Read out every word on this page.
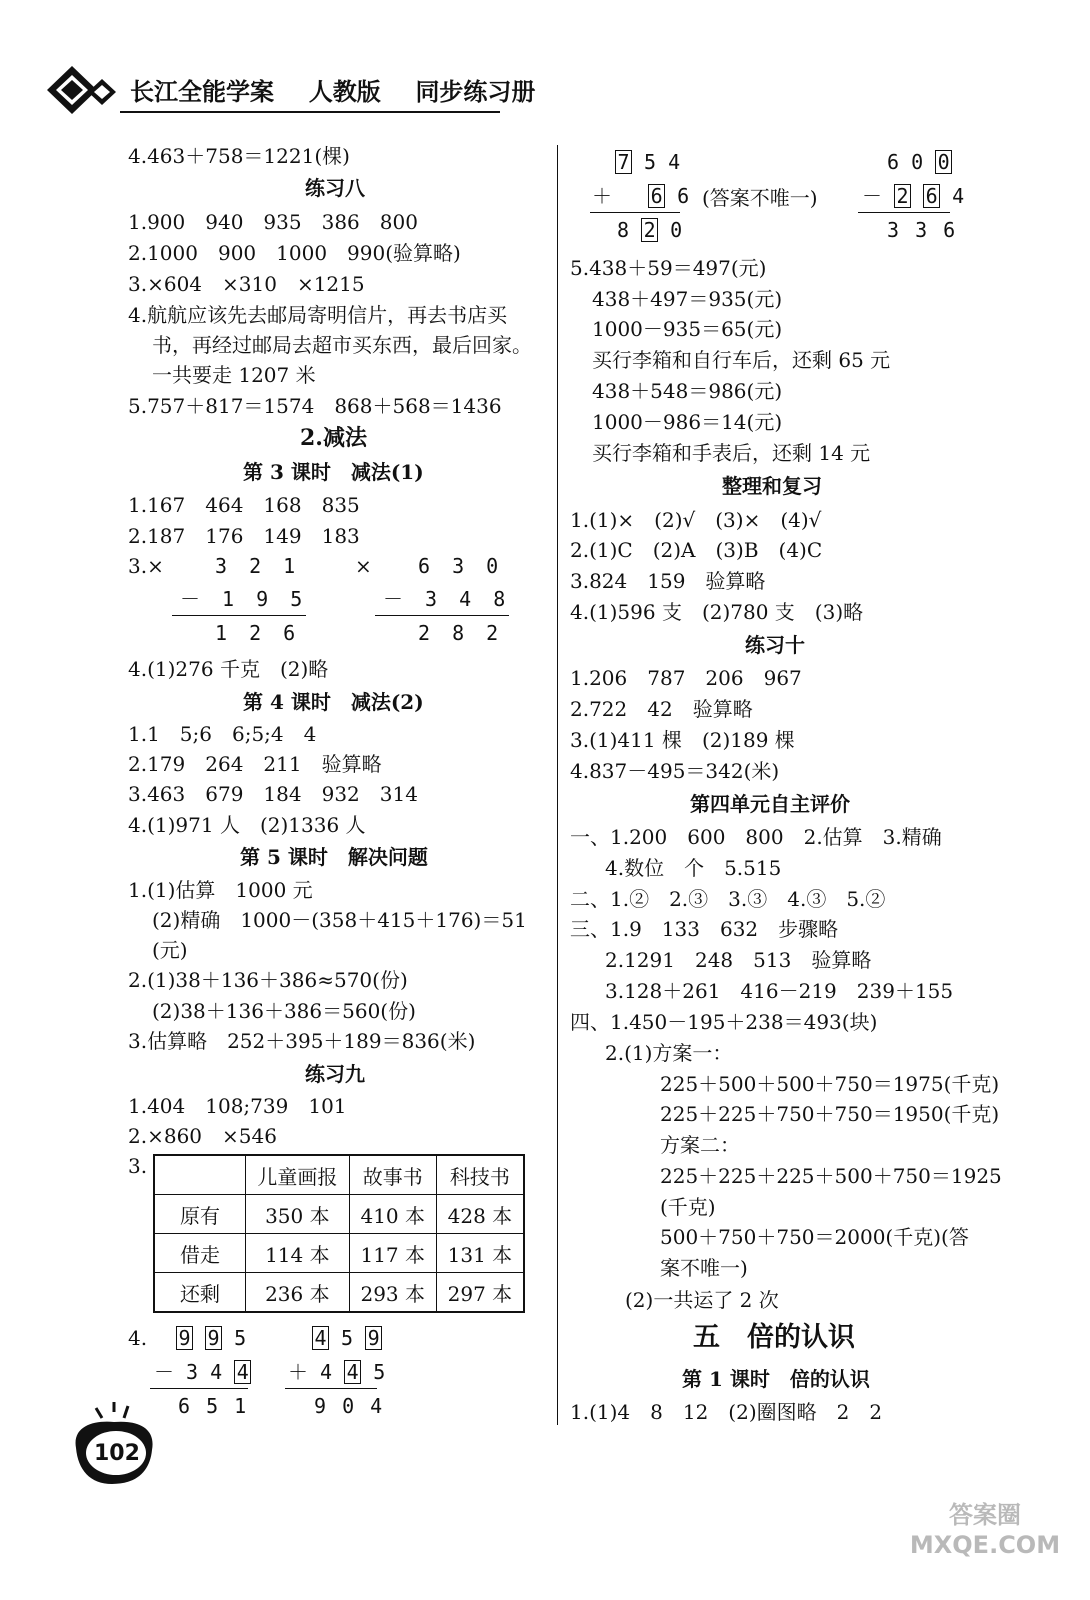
长江全能学案 人教版 同步练习册
4.463＋758＝1221(棵)
练习八
1.900　940　935　386　800
2.1000　900　1000　990(验算略)
3.×604　×310　×1215
4.航航应该先去邮局寄明信片，再去书店买
书，再经过邮局去超市买东西，最后回家。
一共要走 1207 米
5.757＋817＝1574　868＋568＝1436
2.减法
第 3 课时　减法(1)
1.167　464　168　835
2.187　176　149　183
3.×	3 2 1
－ 1 9 5
1 2 6
× 6 3 0
－ 3 4 8
2 8 2
4.(1)276 千克　(2)略
第 4 课时　减法(2)
1.1　5;6　6;5;4　4
2.179　264　211　验算略
3.463　679　184　932　314
4.(1)971 人　(2)1336 人
第 5 课时　解决问题
1.(1)估算　1000 元
(2)精确　1000－(358＋415＋176)＝51
(元)
2.(1)38＋136＋386≈570(份)
(2)38＋136＋386＝560(份)
3.估算略　252＋395＋189＝836(米)
练习九
1.404　108;739　101
2.×860　×546
3.
		儿童画报	故事书	科技书
原有	350 本	410 本	428 本
借走	114 本	117 本	131 本
还剩	236 本	293 本	297 本
4. 9 9 5
－ 3 4 4
6 5 1
4 5 9
＋ 4 4 5
9 0 4
7 5 4
＋ 6 6
8 2 0
(答案不唯一)
6 0 0
－ 2 6 4
3 3 6
5.438＋59＝497(元)
438＋497＝935(元)
1000－935＝65(元)
买行李箱和自行车后，还剩 65 元
438＋548＝986(元)
1000－986＝14(元)
买行李箱和手表后，还剩 14 元
整理和复习
1.(1)×　(2)√　(3)×　(4)√
2.(1)C　(2)A　(3)B　(4)C
3.824　159　验算略
4.(1)596 支　(2)780 支　(3)略
练习十
1.206　787　206　967
2.722　42　验算略
3.(1)411 棵　(2)189 棵
4.837－495＝342(米)
第四单元自主评价
一、1.200　600　800　2.估算　3.精确
4.数位　个　5.515
二、1.②　2.③　3.③　4.③　5.②
三、1.9　133　632　步骤略
2.1291　248　513　验算略
3.128＋261　416－219　239＋155
四、1.450－195＋238＝493(块)
2.(1)方案一：
225＋500＋500＋750＝1975(千克)
225＋225＋750＋750＝1950(千克)
方案二：
225＋225＋225＋500＋750＝1925
(千克)
500＋750＋750＝2000(千克)(答
案不唯一)
(2)一共运了 2 次
五　倍的认识
第 1 课时　倍的认识
1.(1)4　8　12　(2)圈图略　2　2
102
答案圈 MXQE.COM
